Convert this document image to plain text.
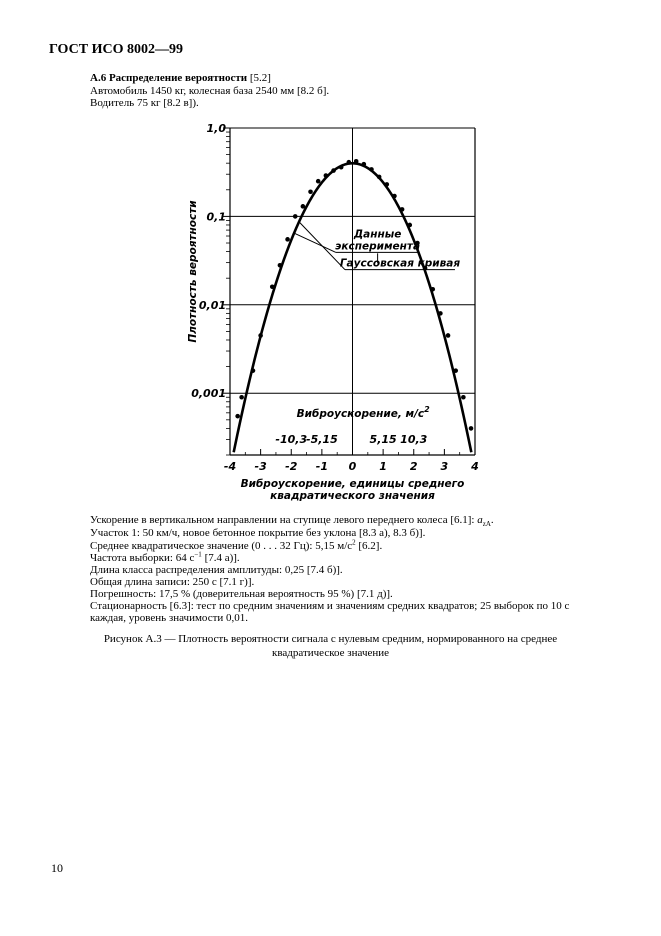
ГОСТ ИСО 8002—99
А.6 Распределение вероятности [5.2]
Автомобиль 1450 кг, колесная база 2540 мм [8.2 б].
Водитель 75 кг [8.2 в]).
1,0
0,1
0,01
0,001
-4 -3 -2 -1 0 1 2 3 4
-10,3
-5,15	5,15 10,3
Виброускорение, $м/с^2$
Виброускорение, единицы среднего
квадратического значения
Плотность вероятности	Данные
эксперимента
Гауссовская кривая
Ускорение в вертикальном направлении на ступице левого переднего колеса [6.1]: $a_{zA}$.
Участок 1: 50 км/ч, новое бетонное покрытие без уклона [8.3 а), 8.3 б)].
Среднее квадратическое значение (0 . . . 32 Гц): 5,15 $м/с^2$ [6.2].
Частота выборки: 64 $с^{-1}$ [7.4 а)].
Длина класса распределения амплитуды: 0,25 [7.4 б)].
Общая длина записи: 250 с [7.1 г)].
Погрешность: 17,5 % (доверительная вероятность 95 %) [7.1 д)].
Стационарность [6.3]: тест по средним значениям и значениям средних квадратов; 25 выборок по 10 с
каждая, уровень значимости 0,01.
Рисунок А.3 — Плотность вероятности сигнала с нулевым средним, нормированного на среднее
квадратическое значение
10
